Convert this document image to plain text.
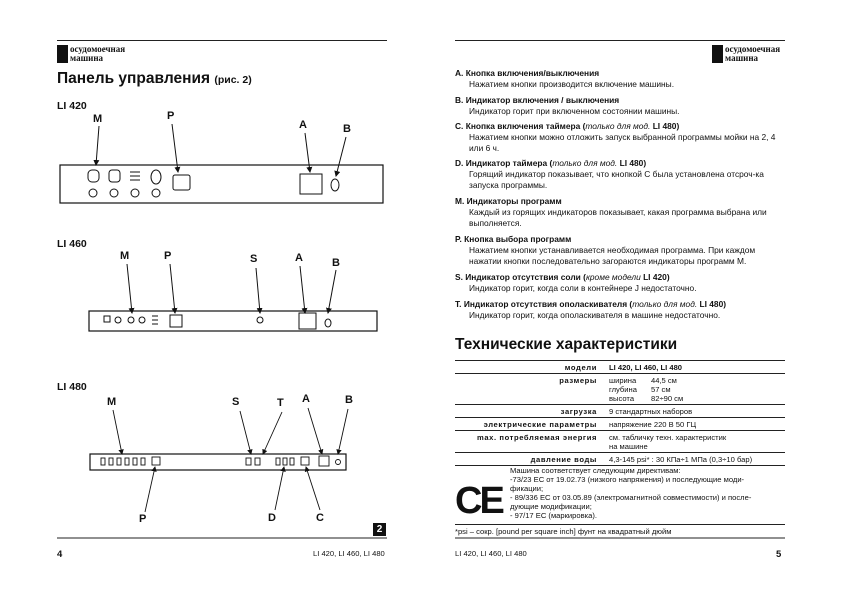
осудомоечная
машина
Панель управления (рис. 2)
LI 420
LI 460
LI 480
M	P
A	B
M	P	S	A	B
M	S	T A	B
P	D	C
2
4	LI 420, LI 460, LI 480
осудомоечная
машина
A. Кнопка включения/выключения
Нажатием кнопки производится включение машины.
B. Индикатор включения / выключения
Индикатор горит при включенном состоянии машины.
C. Кнопка включения таймера (только для мод. LI 480)
Нажатием кнопки можно отложить запуск выбранной программы мойки на 2, 4 или 6 ч.
D. Индикатор таймера (только для мод. LI 480)
Горящий индикатор показывает, что кнопкой C была установлена отсроч-ка запуска программы.
M. Индикаторы программ
Каждый из горящих индикаторов показывает, какая программа выбрана или выполняется.
P. Кнопка выбора программ
Нажатием кнопки устанавливается необходимая программа. При каждом нажатии кнопки последовательно загораются индикаторы программ M.
S. Индикатор отсутствия соли (кроме модели LI 420)
Индикатор горит, когда соли в контейнере J недостаточно.
T. Индикатор отсутствия ополаскивателя (только для мод. LI 480)
Индикатор горит, когда ополаскивателя в машине недостаточно.
Технические характеристики
модели LI 420, LI 460, LI 480
размеры ширина 44,5 см
глубина 57 см
высота 82÷90 см
загрузка 9 стандартных наборов
электрические параметры напряжение 220 В 50 ГЦ
max. потребляемая энергия см. табличку техн. характеристик
на машине
давление воды 4,3-145 psi* : 30 КПа÷1 МПа (0,3÷10 бар)
CE
Машина соответствует следующим директивам:
-73/23 ЕС от 19.02.73 (низкого напряжения) и последующие моди-
фикации;
- 89/336 ЕС от 03.05.89 (электромагнитной совместимости) и после-
дующие модификации;
- 97/17 ЕС (маркировка).
*psi – сокр. [pound per square inch] фунт на квадратный дюйм
LI 420, LI 460, LI 480	5
